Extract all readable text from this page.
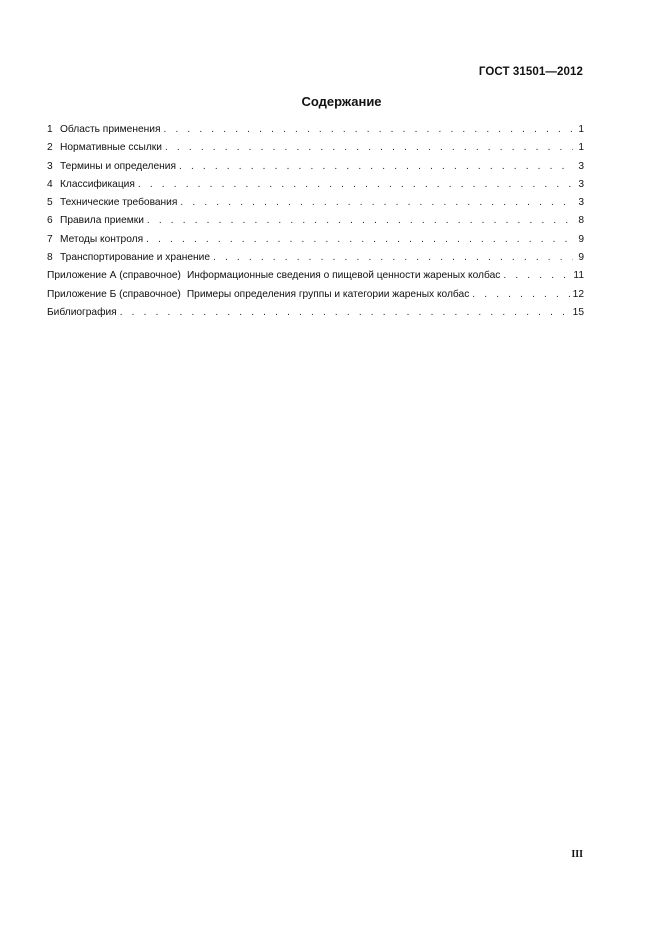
ГОСТ 31501—2012
Содержание
1 Область применения . . .	1
2 Нормативные ссылки . . .	1
3 Термины и определения . . .	3
4 Классификация . . .	3
5 Технические требования . . .	3
6 Правила приемки . . .	8
7 Методы контроля . . .	9
8 Транспортирование и хранение . . .	9
Приложение А (справочное) Информационные сведения о пищевой ценности жареных колбас . . .	11
Приложение Б (справочное) Примеры определения группы и категории жареных колбас . . .	12
Библиография . . .	15
III
